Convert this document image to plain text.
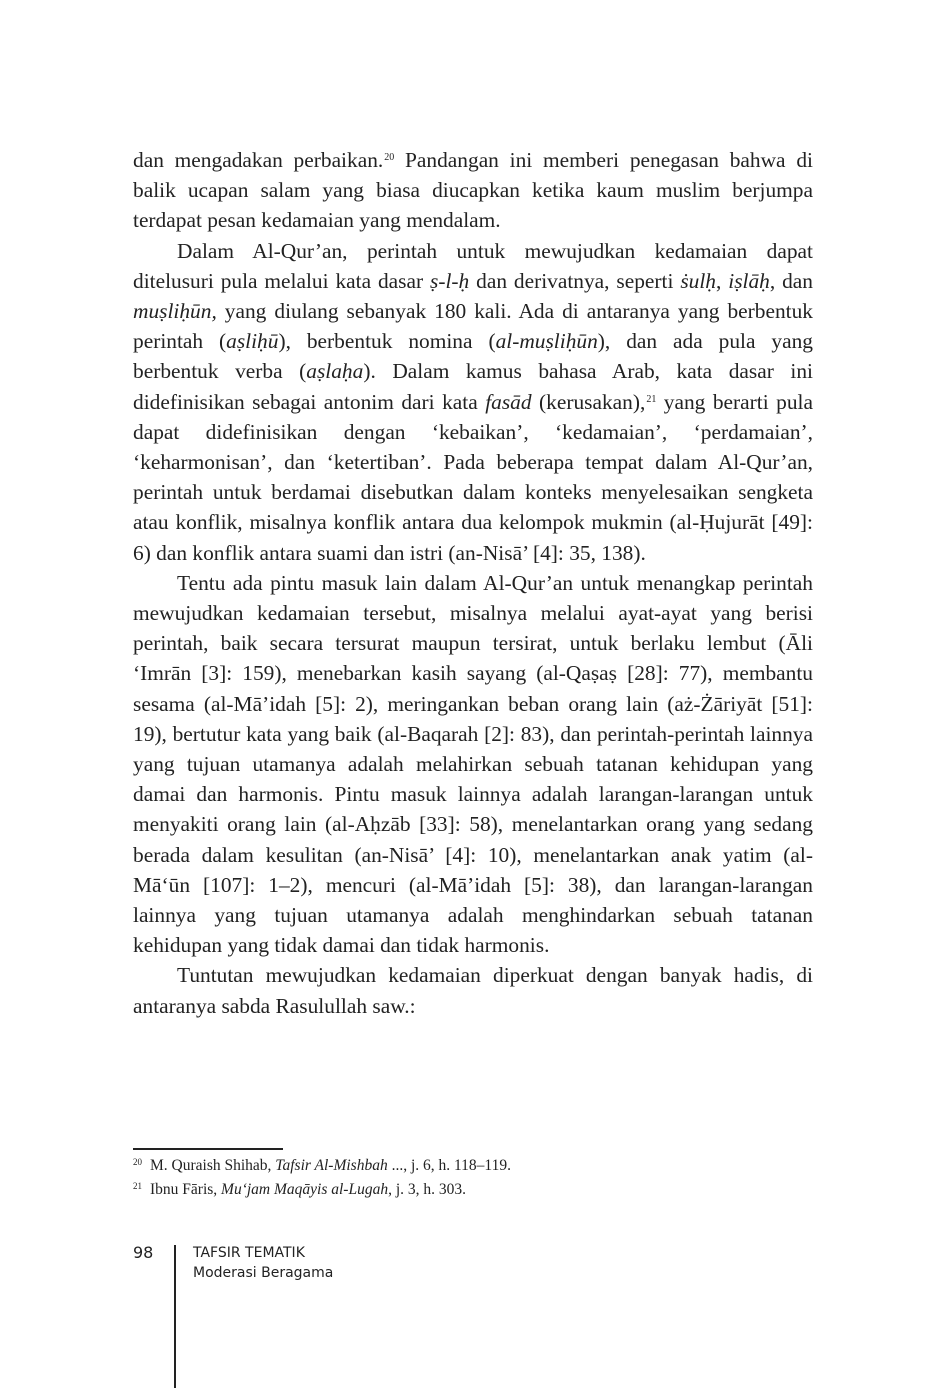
dan mengadakan perbaikan.$^{20}$ Pandangan ini memberi penegasan bahwa di balik ucapan salam yang biasa diucapkan ketika kaum muslim berjumpa terdapat pesan kedamaian yang mendalam.

Dalam Al-Qur’an, perintah untuk mewujudkan kedamaian dapat ditelusuri pula melalui kata dasar ṣ-l-ḥ dan derivatnya, seperti ṡulḥ, iṣlāḥ, dan muṣliḥūn, yang diulang sebanyak 180 kali. Ada di antaranya yang berbentuk perintah (aṣliḥū), berbentuk nomina (al-muṣliḥūn), dan ada pula yang berbentuk verba (aṣlaḥa). Dalam kamus bahasa Arab, kata dasar ini didefinisikan sebagai antonim dari kata fasād (kerusakan),$^{21}$ yang berarti pula dapat didefinisikan dengan ‘kebaikan’, ‘kedamaian’, ‘perdamaian’, ‘keharmonisan’, dan ‘ketertiban’. Pada beberapa tempat dalam Al-Qur’an, perintah untuk berdamai disebutkan dalam konteks menyelesaikan sengketa atau konflik, misalnya konflik antara dua kelompok mukmin (al-Ḥujurāt [49]: 6) dan konflik antara suami dan istri (an-Nisā’ [4]: 35, 138).

Tentu ada pintu masuk lain dalam Al-Qur’an untuk menangkap perintah mewujudkan kedamaian tersebut, misalnya melalui ayat-ayat yang berisi perintah, baik secara tersurat maupun tersirat, untuk berlaku lembut (Āli ‘Imrān [3]: 159), menebarkan kasih sayang (al-Qaṣaṣ [28]: 77), membantu sesama (al-Mā’idah [5]: 2), meringankan beban orang lain (aż-Żāriyāt [51]: 19), bertutur kata yang baik (al-Baqarah [2]: 83), dan perintah-perintah lainnya yang tujuan utamanya adalah melahirkan sebuah tatanan kehidupan yang damai dan harmonis. Pintu masuk lainnya adalah larangan-larangan untuk menyakiti orang lain (al-Aḥzāb [33]: 58), menelantarkan orang yang sedang berada dalam kesulitan (an-Nisā’ [4]: 10), menelantarkan anak yatim (al-Mā‘ūn [107]: 1–2), mencuri (al-Mā’idah [5]: 38), dan larangan-larangan lainnya yang tujuan utamanya adalah menghindarkan sebuah tatanan kehidupan yang tidak damai dan tidak harmonis.

Tuntutan mewujudkan kedamaian diperkuat dengan banyak hadis, di antaranya sabda Rasulullah saw.:

$^{20}$ M. Quraish Shihab, Tafsir Al-Mishbah ..., j. 6, h. 118–119.

$^{21}$ Ibnu Fāris, Mu‘jam Maqāyis al-Lugah, j. 3, h. 303.

98	TAFSIR TEMATIK
Moderasi Beragama
